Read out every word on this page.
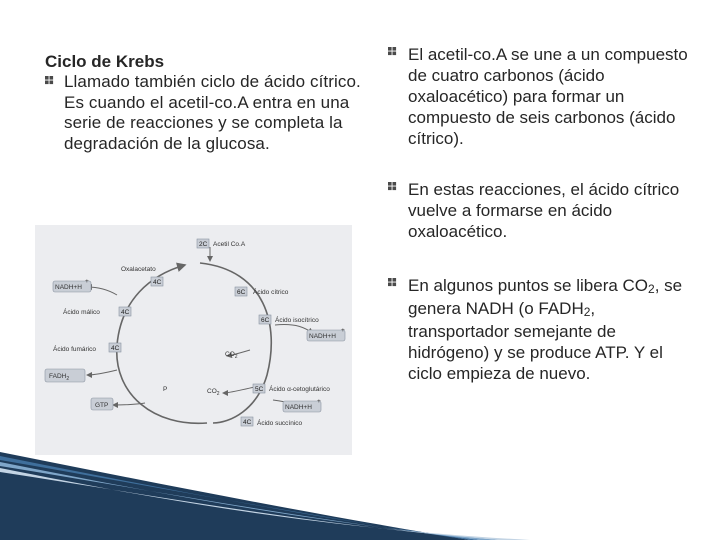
Ciclo de Krebs

Llamado también ciclo de ácido cítrico. Es cuando el acetil-co.A entra en una serie de reacciones y se completa la degradación de la glucosa.
2C Acetil Co.A
Oxalacetato
4C
NADH+H
+
6C Ácido cítrico
Ácido málico	4C
6C Ácido isocítrico
NADH+H
+
Ácido fumárico 4C
$CO_2$
$FADH_2$
P	$CO_2$
5C Ácido α-cetoglutárico
GTP	NADH+H
+
4C Ácido succínico
El acetil-co.A se une a un compuesto de cuatro carbonos (ácido oxaloacético) para formar un compuesto de seis carbonos (ácido cítrico).
En estas reacciones, el ácido cítrico vuelve a formarse en ácido oxaloacético.
En algunos puntos se libera $CO_2$, se genera NADH (o $FADH_2$, transportador semejante de hidrógeno) y se produce ATP. Y el ciclo empieza de nuevo.
